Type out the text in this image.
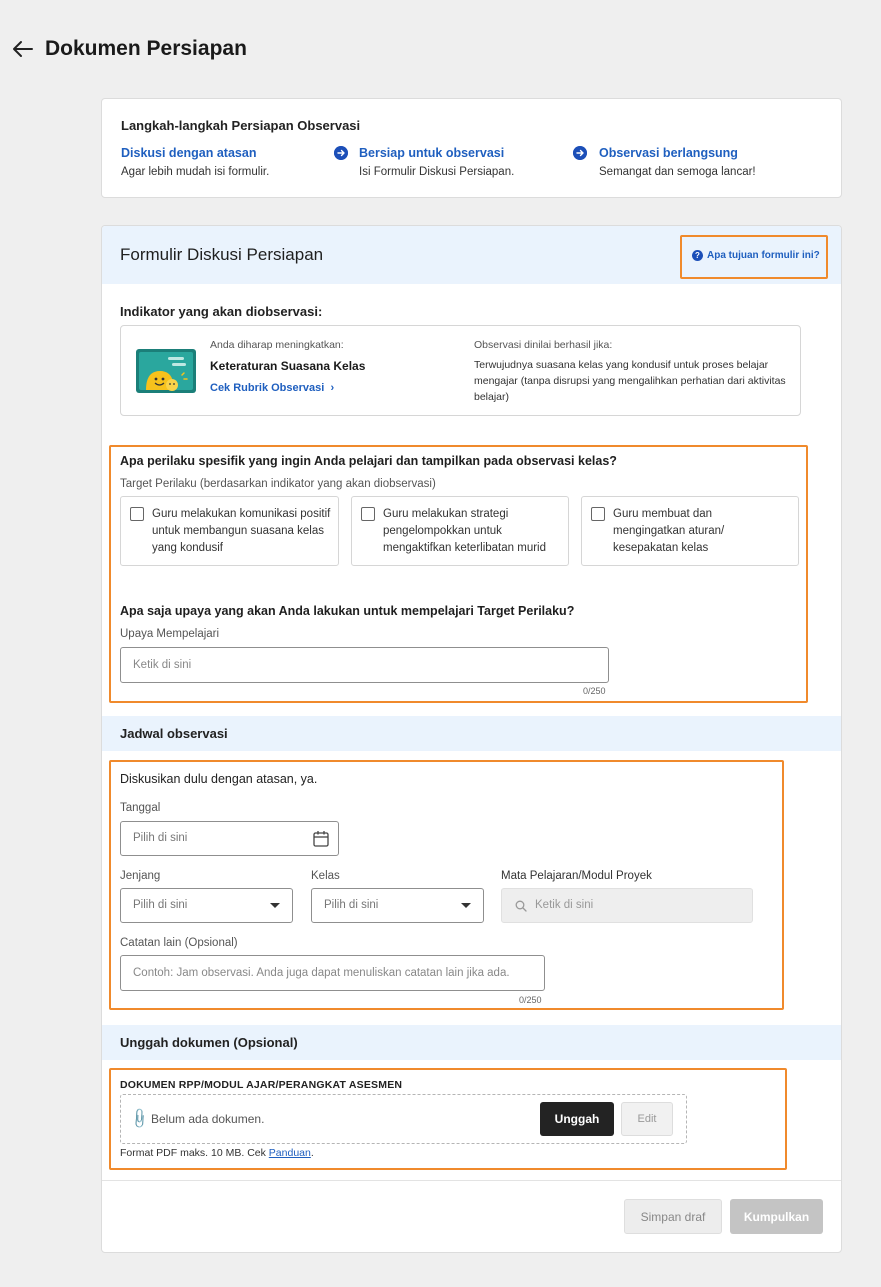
Dokumen Persiapan
Langkah-langkah Persiapan Observasi
Diskusi dengan atasan
Agar lebih mudah isi formulir.
Bersiap untuk observasi
Isi Formulir Diskusi Persiapan.
Observasi berlangsung
Semangat dan semoga lancar!
Formulir Diskusi Persiapan	? Apa tujuan formulir ini?
Indikator yang akan diobservasi:
Anda diharap meningkatkan:
Keteraturan Suasana Kelas
Cek Rubrik Observasi  ›
Observasi dinilai berhasil jika:
Terwujudnya suasana kelas yang kondusif untuk proses belajar mengajar (tanpa disrupsi yang mengalihkan perhatian dari aktivitas belajar)
Apa perilaku spesifik yang ingin Anda pelajari dan tampilkan pada observasi kelas?
Target Perilaku (berdasarkan indikator yang akan diobservasi)
Guru melakukan komunikasi positif untuk membangun suasana kelas yang kondusif
Guru melakukan strategi pengelompokkan untuk mengaktifkan keterlibatan murid
Guru membuat dan mengingatkan aturan/ kesepakatan kelas
Apa saja upaya yang akan Anda lakukan untuk mempelajari Target Perilaku?
Upaya Mempelajari
Ketik di sini
0/250
Jadwal observasi
Diskusikan dulu dengan atasan, ya.
Tanggal
Pilih di sini
Jenjang
Pilih di sini
Kelas
Pilih di sini
Mata Pelajaran/Modul Proyek
Ketik di sini
Catatan lain (Opsional)
Contoh: Jam observasi. Anda juga dapat menuliskan catatan lain jika ada.
0/250
Unggah dokumen (Opsional)
DOKUMEN RPP/MODUL AJAR/PERANGKAT ASESMEN
📎 Belum ada dokumen.	Unggah	Edit
Format PDF maks. 10 MB. Cek Panduan.
Simpan draf	Kumpulkan
